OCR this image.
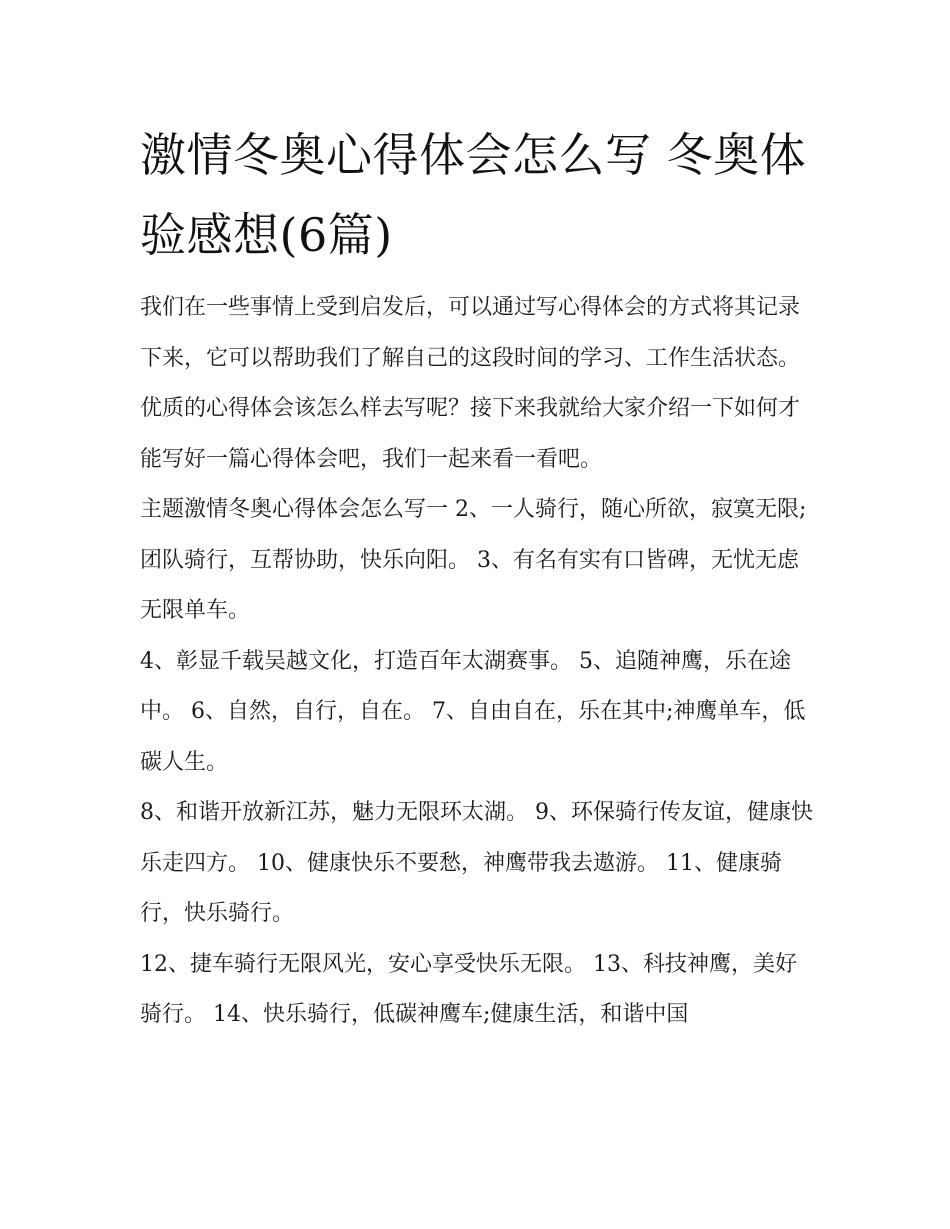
激情冬奥心得体会怎么写 冬奥体验感想(6篇)

我们在一些事情上受到启发后，可以通过写心得体会的方式将其记录下来，它可以帮助我们了解自己的这段时间的学习、工作生活状态。优质的心得体会该怎么样去写呢？接下来我就给大家介绍一下如何才能写好一篇心得体会吧，我们一起来看一看吧。

主题激情冬奥心得体会怎么写一 2、一人骑行，随心所欲，寂寞无限;团队骑行，互帮协助，快乐向阳。 3、有名有实有口皆碑，无忧无虑无限单车。

4、彰显千载吴越文化，打造百年太湖赛事。 5、追随神鹰，乐在途中。 6、自然，自行，自在。 7、自由自在，乐在其中;神鹰单车，低碳人生。

8、和谐开放新江苏，魅力无限环太湖。 9、环保骑行传友谊，健康快乐走四方。 10、健康快乐不要愁，神鹰带我去遨游。 11、健康骑行，快乐骑行。

12、捷车骑行无限风光，安心享受快乐无限。 13、科技神鹰，美好骑行。 14、快乐骑行，低碳神鹰车;健康生活，和谐中国
